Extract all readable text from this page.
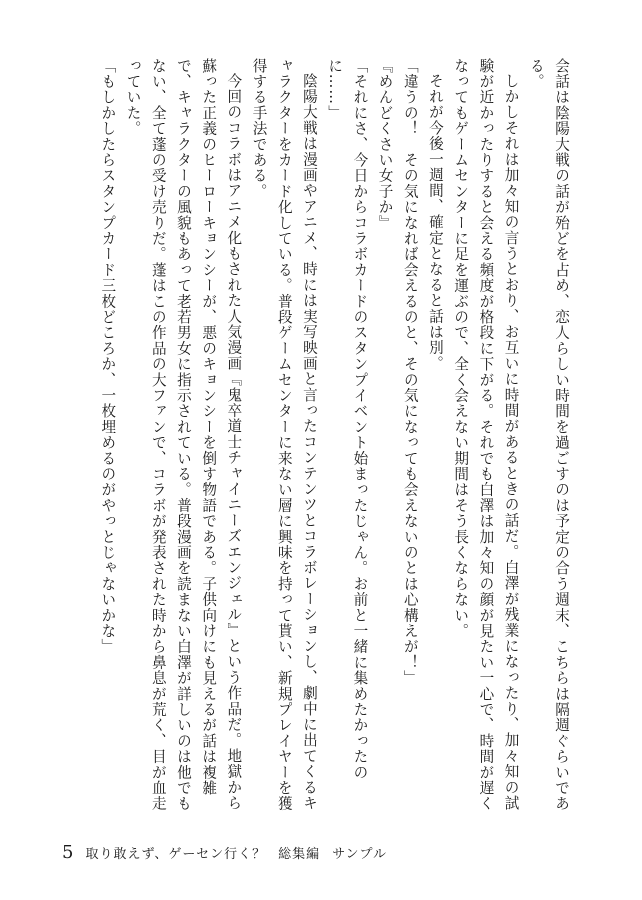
会話は陰陽大戦の話が殆どを占め、恋人らしい時間を過ごすのは予定の合う週末、こちらは隔週ぐらいである。

しかしそれは加々知の言うとおり、お互いに時間があるときの話だ。白澤が残業になったり、加々知の試験が近かったりすると会える頻度が格段に下がる。それでも白澤は加々知の顔が見たい一心で、時間が遅くなってもゲームセンターに足を運ぶので、全く会えない期間はそう長くならない。

それが今後一週間、確定となると話は別。

「違うの！　その気になれば会えるのと、その気になっても会えないのとは心構えが！」

『めんどくさい女子か』

「それにさ、今日からコラボカードのスタンプイベント始まったじゃん。お前と一緒に集めたかったのに……」

陰陽大戦は漫画やアニメ、時には実写映画と言ったコンテンツとコラボレーションし、劇中に出てくるキャラクターをカード化している。普段ゲームセンターに来ない層に興味を持って貰い、新規プレイヤーを獲得する手法である。

今回のコラボはアニメ化もされた人気漫画『鬼卒道士チャイニーズエンジェル』という作品だ。地獄から蘇った正義のヒーローキョンシーが、悪のキョンシーを倒す物語である。子供向けにも見えるが話は複雑で、キャラクターの風貌もあって老若男女に指示されている。普段漫画を読まない白澤が詳しいのは他でもない、全て蓬の受け売りだ。蓬はこの作品の大ファンで、コラボが発表された時から鼻息が荒く、目が血走っていた。

「もしかしたらスタンプカード三枚どころか、一枚埋めるのがやっとじゃないかな」

5 取り敢えず、ゲーセン行く？ 総集編 サンプル
